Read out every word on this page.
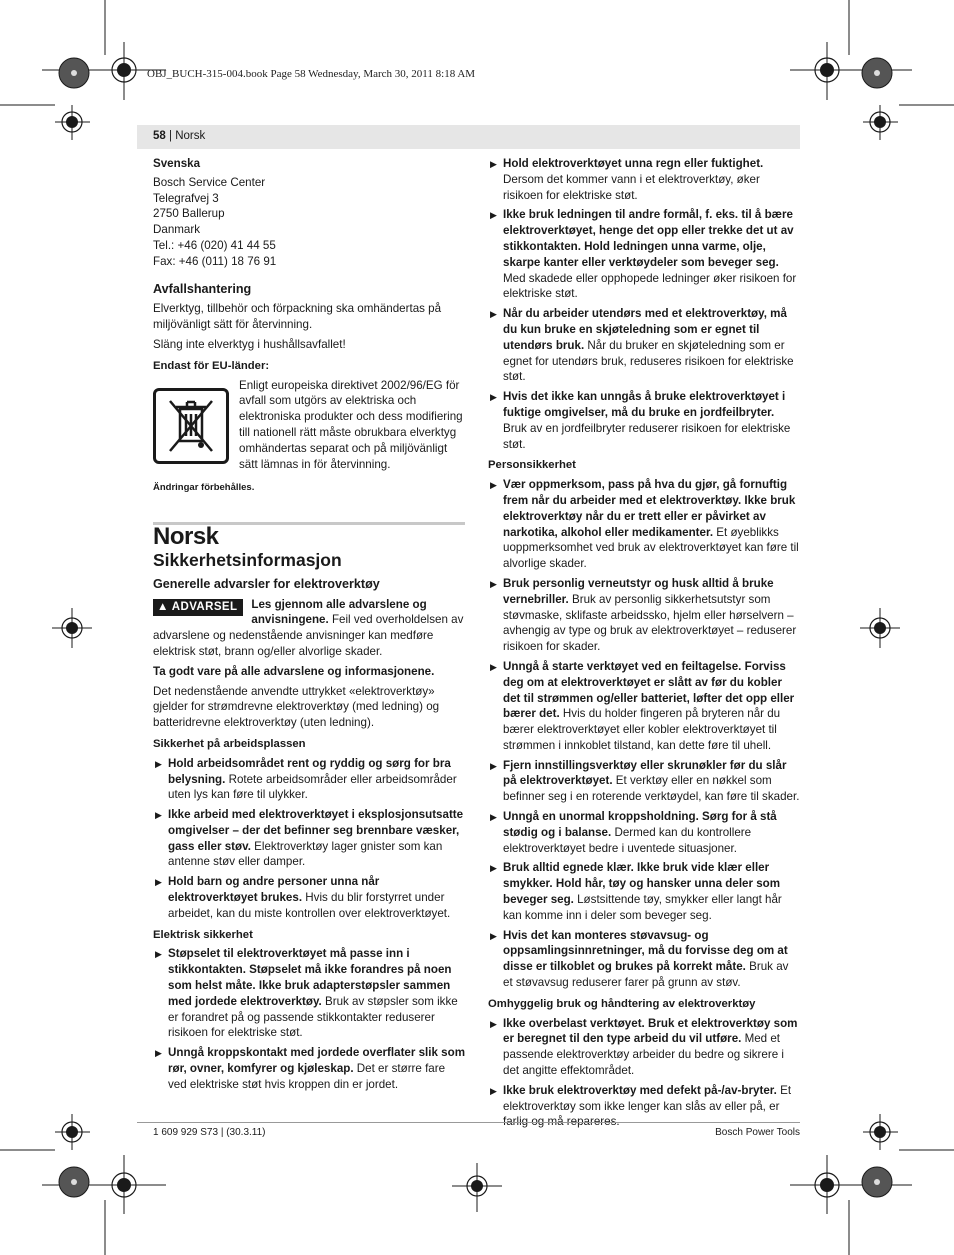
OBJ_BUCH-315-004.book Page 58 Wednesday, March 30, 2011 8:18 AM
58 | Norsk
Svenska

Bosch Service Center

Telegrafvej 3

2750 Ballerup

Danmark

Tel.: +46 (020) 41 44 55

Fax: +46 (011) 18 76 91

Avfallshantering

Elverktyg, tillbehör och förpackning ska omhändertas på miljövänligt sätt för återvinning.

Släng inte elverktyg i hushållsavfallet!

Endast för EU-länder:
Enligt europeiska direktivet 2002/96/EG för avfall som utgörs av elektriska och elektroniska produkter och dess modifiering till nationell rätt måste obrukbara elverktyg omhändertas separat och på miljövänligt sätt lämnas in för återvinning.
Ändringar förbehålles.
Norsk
Sikkerhetsinformasjon
Generelle advarsler for elektroverktøy
▲ ADVARSEL	Les gjennom alle advarslene og anvisningene. Feil ved overholdelsen av advarslene og nedenstående anvisninger kan medføre elektrisk støt, brann og/eller alvorlige skader.

Ta godt vare på alle advarslene og informasjonene.

Det nedenstående anvendte uttrykket «elektroverktøy» gjelder for strømdrevne elektroverktøy (med ledning) og batteridrevne elektroverktøy (uten ledning).

Sikkerhet på arbeidsplassen
▶ Hold arbeidsområdet rent og ryddig og sørg for bra belysning. Rotete arbeidsområder eller arbeidsområder uten lys kan føre til ulykker.
▶ Ikke arbeid med elektroverktøyet i eksplosjonsutsatte omgivelser – der det befinner seg brennbare væsker, gass eller støv. Elektroverktøy lager gnister som kan antenne støv eller damper.
▶ Hold barn og andre personer unna når elektroverktøyet brukes. Hvis du blir forstyrret under arbeidet, kan du miste kontrollen over elektroverktøyet.
Elektrisk sikkerhet
▶ Støpselet til elektroverktøyet må passe inn i stikkontakten. Støpselet må ikke forandres på noen som helst måte. Ikke bruk adapterstøpsler sammen med jordede elektroverktøy. Bruk av støpsler som ikke er forandret på og passende stikkontakter reduserer risikoen for elektriske støt.
▶ Unngå kroppskontakt med jordede overflater slik som rør, ovner, komfyrer og kjøleskap. Det er større fare ved elektriske støt hvis kroppen din er jordet.
▶ Hold elektroverktøyet unna regn eller fuktighet. Dersom det kommer vann i et elektroverktøy, øker risikoen for elektriske støt.
▶ Ikke bruk ledningen til andre formål, f. eks. til å bære elektroverktøyet, henge det opp eller trekke det ut av stikkontakten. Hold ledningen unna varme, olje, skarpe kanter eller verktøydeler som beveger seg. Med skadede eller opphopede ledninger øker risikoen for elektriske støt.
▶ Når du arbeider utendørs med et elektroverktøy, må du kun bruke en skjøteledning som er egnet til utendørs bruk. Når du bruker en skjøteledning som er egnet for utendørs bruk, reduseres risikoen for elektriske støt.
▶ Hvis det ikke kan unngås å bruke elektroverktøyet i fuktige omgivelser, må du bruke en jordfeilbryter. Bruk av en jordfeilbryter reduserer risikoen for elektriske støt.
Personsikkerhet
▶ Vær oppmerksom, pass på hva du gjør, gå fornuftig frem når du arbeider med et elektroverktøy. Ikke bruk elektroverktøy når du er trett eller er påvirket av narkotika, alkohol eller medikamenter. Et øyeblikks uoppmerksomhet ved bruk av elektroverktøyet kan føre til alvorlige skader.
▶ Bruk personlig verneutstyr og husk alltid å bruke vernebriller. Bruk av personlig sikkerhetsutstyr som støvmaske, sklifaste arbeidssko, hjelm eller hørselvern – avhengig av type og bruk av elektroverktøyet – reduserer risikoen for skader.
▶ Unngå å starte verktøyet ved en feiltagelse. Forviss deg om at elektroverktøyet er slått av før du kobler det til strømmen og/eller batteriet, løfter det opp eller bærer det. Hvis du holder fingeren på bryteren når du bærer elektroverktøyet eller kobler elektroverktøyet til strømmen i innkoblet tilstand, kan dette føre til uhell.
▶ Fjern innstillingsverktøy eller skrunøkler før du slår på elektroverktøyet. Et verktøy eller en nøkkel som befinner seg i en roterende verktøydel, kan føre til skader.
▶ Unngå en unormal kroppsholdning. Sørg for å stå stødig og i balanse. Dermed kan du kontrollere elektroverktøyet bedre i uventede situasjoner.
▶ Bruk alltid egnede klær. Ikke bruk vide klær eller smykker. Hold hår, tøy og hansker unna deler som beveger seg. Løstsittende tøy, smykker eller langt hår kan komme inn i deler som beveger seg.
▶ Hvis det kan monteres støvavsug- og oppsamlingsinnretninger, må du forvisse deg om at disse er tilkoblet og brukes på korrekt måte. Bruk av et støvavsug reduserer farer på grunn av støv.
Omhyggelig bruk og håndtering av elektroverktøy
▶ Ikke overbelast verktøyet. Bruk et elektroverktøy som er beregnet til den type arbeid du vil utføre. Med et passende elektroverktøy arbeider du bedre og sikrere i det angitte effektområdet.
▶ Ikke bruk elektroverktøy med defekt på-/av-bryter. Et elektroverktøy som ikke lenger kan slås av eller på, er farlig og må repareres.
1 609 929 S73 | (30.3.11)	Bosch Power Tools
